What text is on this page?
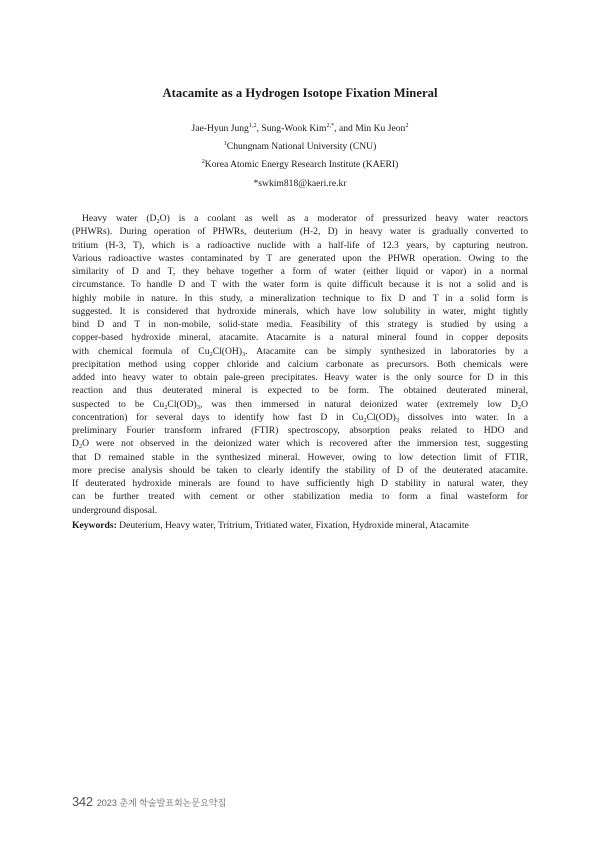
Atacamite as a Hydrogen Isotope Fixation Mineral
Jae-Hyun Jung$^{1,2}$, Sung-Wook Kim$^{2,*}$, and Min Ku Jeon$^2$
$^1$Chungnam National University (CNU)
$^2$Korea Atomic Energy Research Institute (KAERI)
*swkim818@kaeri.re.kr
Heavy water $(D_2O)$ is a coolant as well as a moderator of pressurized heavy water reactors
(PHWRs). During operation of PHWRs, deuterium (H-2, D) in heavy water is gradually converted to
tritium (H-3, T), which is a radioactive nuclide with a half-life of 12.3 years, by capturing neutron.
Various radioactive wastes contaminated by T are generated upon the PHWR operation. Owing to the
similarity of D and T, they behave together a form of water (either liquid or vapor) in a normal
circumstance. To handle D and T with the water form is quite difficult because it is not a solid and is
highly mobile in nature. In this study, a mineralization technique to fix D and T in a solid form is
suggested. It is considered that hydroxide minerals, which have low solubility in water, might tightly
bind D and T in non-mobile, solid-state media. Feasibility of this strategy is studied by using a
copper-based hydroxide mineral, atacamite. Atacamite is a natural mineral found in copper deposits
with chemical formula of $Cu_2Cl(OH)_3$. Atacamite can be simply synthesized in laboratories by a
precipitation method using copper chloride and calcium carbonate as precursors. Both chemicals were
added into heavy water to obtain pale-green precipitates. Heavy water is the only source for D in this
reaction and thus deuterated mineral is expected to be form. The obtained deuterated mineral,
suspected to be $Cu_2Cl(OD)_3$, was then immersed in natural deionized water (extremely low $D_2O$
concentration) for several days to identify how fast D in $Cu_2Cl(OD)_3$ dissolves into water. In a
preliminary Fourier transform infrared (FTIR) spectroscopy, absorption peaks related to HDO and
$D_2O$ were not observed in the deionized water which is recovered after the immersion test, suggesting
that D remained stable in the synthesized mineral. However, owing to low detection limit of FTIR,
more precise analysis should be taken to clearly identify the stability of D of the deuterated atacamite.
If deuterated hydroxide minerals are found to have sufficiently high D stability in natural water, they
can be further treated with cement or other stabilization media to form a final wasteform for
underground disposal.
Keywords: Deuterium, Heavy water, Tritrium, Tritiated water, Fixation, Hydroxide mineral, Atacamite
342 2023 춘계 학술발표회논문요약집
